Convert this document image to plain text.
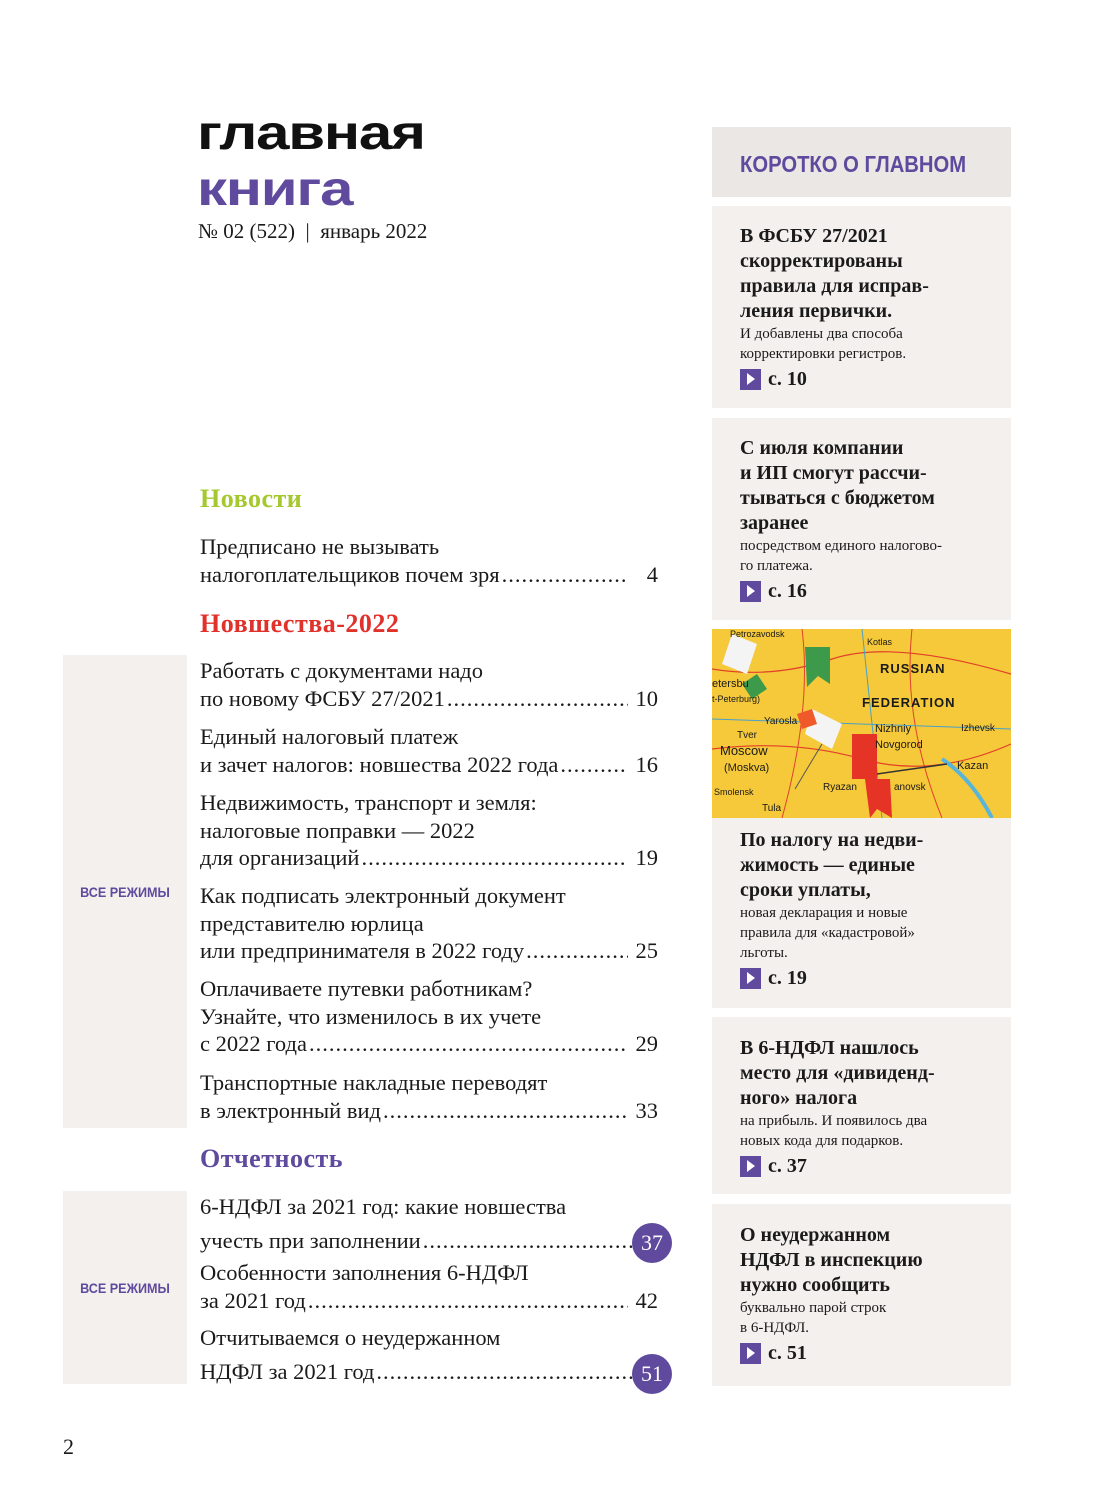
главная
книга
№ 02 (522)  |  январь 2022
ВСЕ РЕЖИМЫ
ВСЕ РЕЖИМЫ
Новости
Новшества-2022
Отчетность
Предписано не вызывать
налогоплательщиков почем зря .....	4
Работать с документами надо
по новому ФСБУ 27/2021 .....	10
Единый налоговый платеж
и зачет налогов: новшества 2022 года .....	16
Недвижимость, транспорт и земля:
налоговые поправки — 2022
для организаций .....	19
Как подписать электронный документ
представителю юрлица
или предпринимателя в 2022 году .....	25
Оплачиваете путевки работникам?
Узнайте, что изменилось в их учете
с 2022 года .....	29
Транспортные накладные переводят
в электронный вид .....	33
6-НДФЛ за 2021 год: какие новшества
учесть при заполнении .....	37
Особенности заполнения 6-НДФЛ
за 2021 год .....	42
Отчитываемся о неудержанном
НДФЛ за 2021 год .....	51
КОРОТКО О ГЛАВНОМ
В ФСБУ 27/2021
скорректированы
правила для исправ-
ления первички.
И добавлены два способа
корректировки регистров.
с. 10
С июля компании
и ИП смогут рассчи-
тываться с бюджетом
заранее
посредством единого налогово-
го платежа.
с. 16
По налогу на недви-
жимость — единые
сроки уплаты,
новая декларация и новые
правила для «кадастровой»
льготы.
с. 19
В 6-НДФЛ нашлось
место для «дивиденд-
ного» налога
на прибыль. И появилось два
новых кода для подарков.
с. 37
О неудержанном
НДФЛ в инспекцию
нужно сообщить
буквально парой строк
в 6-НДФЛ.
с. 51
RUSSIAN
FEDERATION
Moscow
(Moskva)
Petrozavodsk
Kotlas
etersbu
t-Peterburg)
Yarosla
Tver
Nizhniy
Novgorod
Izhevsk
Kazan
Ryazan	anovsk
Smolensk
Tula
2
